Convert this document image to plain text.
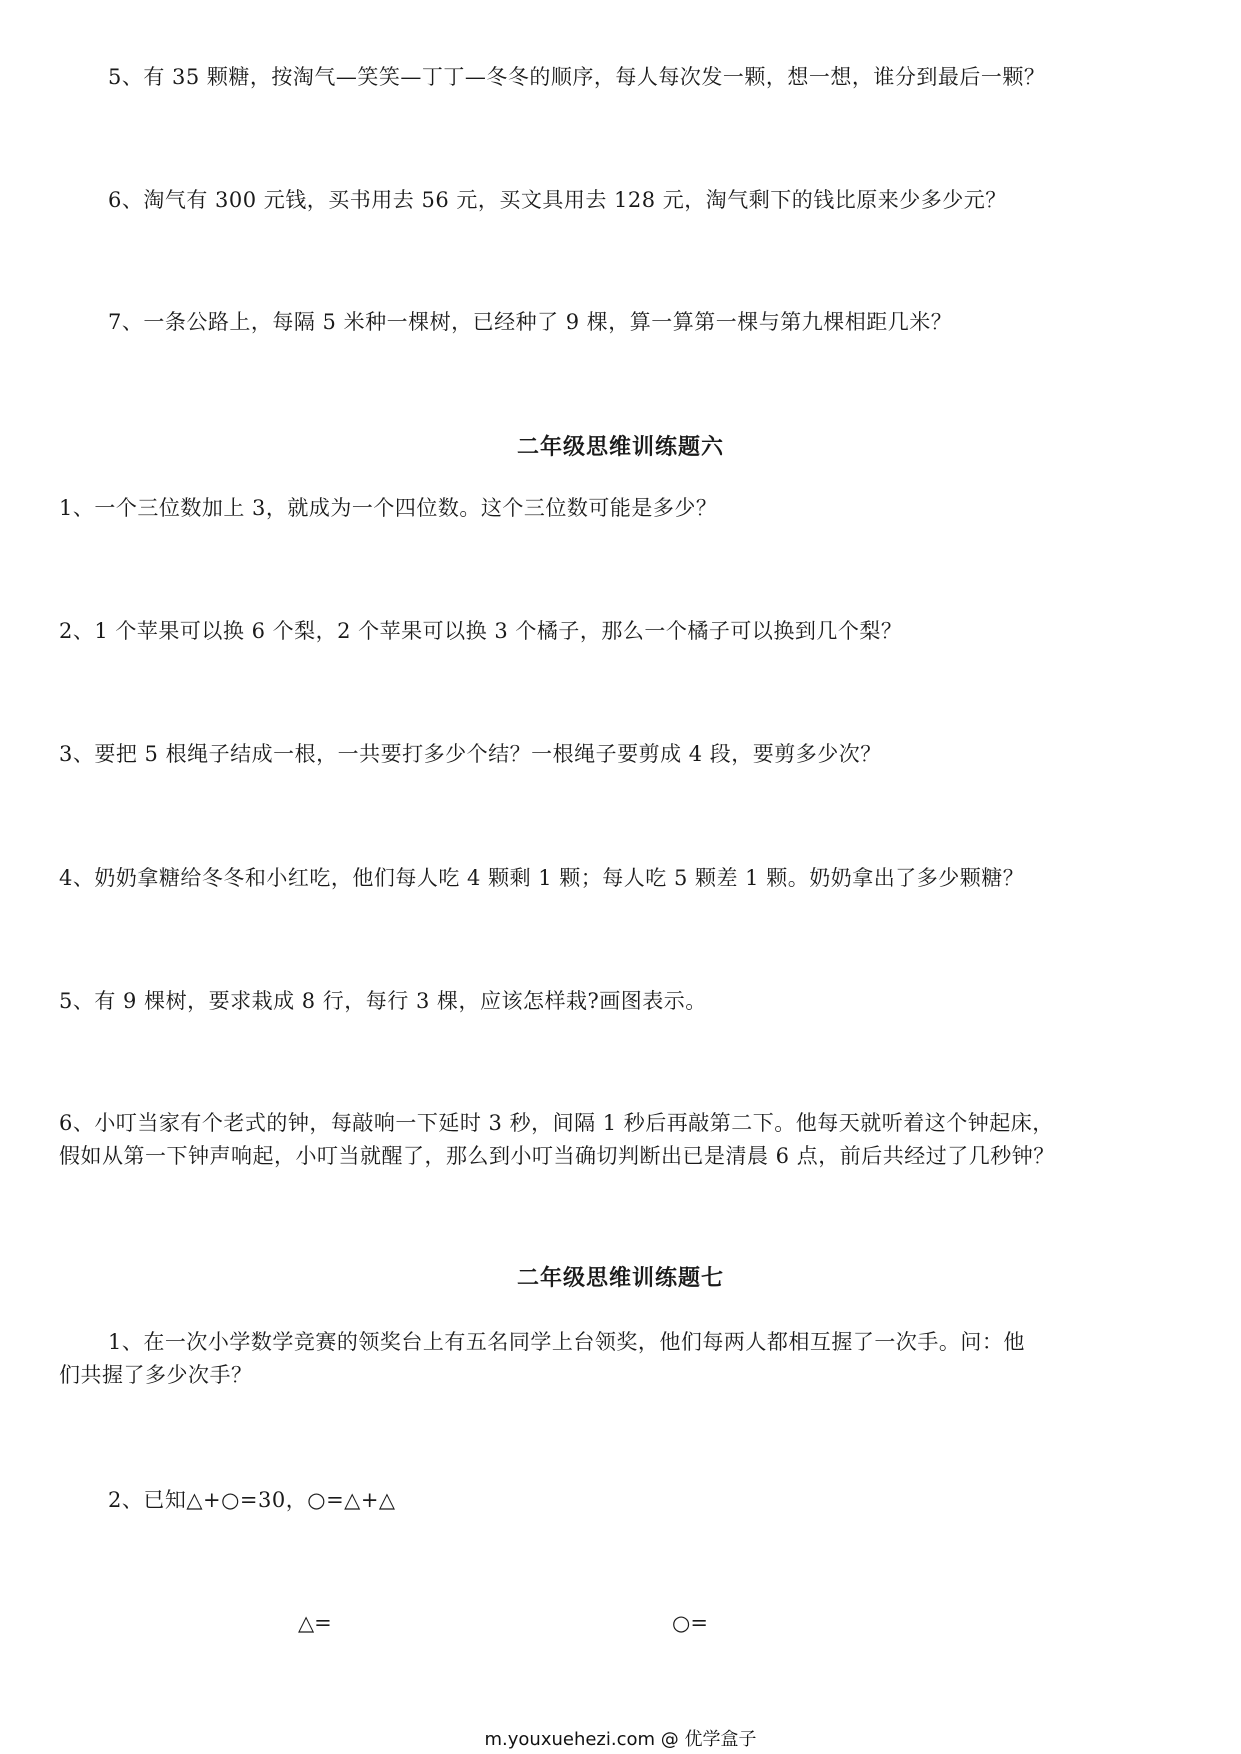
5、有 35 颗糖，按淘气—笑笑—丁丁—冬冬的顺序，每人每次发一颗，想一想，谁分到最后一颗？
6、淘气有 300 元钱，买书用去 56 元，买文具用去 128 元，淘气剩下的钱比原来少多少元？
7、一条公路上，每隔 5 米种一棵树，已经种了 9 棵，算一算第一棵与第九棵相距几米？
二年级思维训练题六
1、一个三位数加上 3，就成为一个四位数。这个三位数可能是多少？
2、1 个苹果可以换 6 个梨，2 个苹果可以换 3 个橘子，那么一个橘子可以换到几个梨？
3、要把 5 根绳子结成一根，一共要打多少个结？一根绳子要剪成 4 段，要剪多少次？
4、奶奶拿糖给冬冬和小红吃，他们每人吃 4 颗剩 1 颗；每人吃 5 颗差 1 颗。奶奶拿出了多少颗糖？
5、有 9 棵树，要求栽成 8 行，每行 3 棵，应该怎样栽?画图表示。
6、小叮当家有个老式的钟，每敲响一下延时 3 秒，间隔 1 秒后再敲第二下。他每天就听着这个钟起床，
假如从第一下钟声响起，小叮当就醒了，那么到小叮当确切判断出已是清晨 6 点，前后共经过了几秒钟？
二年级思维训练题七
1、在一次小学数学竞赛的领奖台上有五名同学上台领奖，他们每两人都相互握了一次手。问：他
们共握了多少次手？
2、已知△+○=30，○=△+△
△=	○=
m.youxuehezi.com @ 优学盒子
